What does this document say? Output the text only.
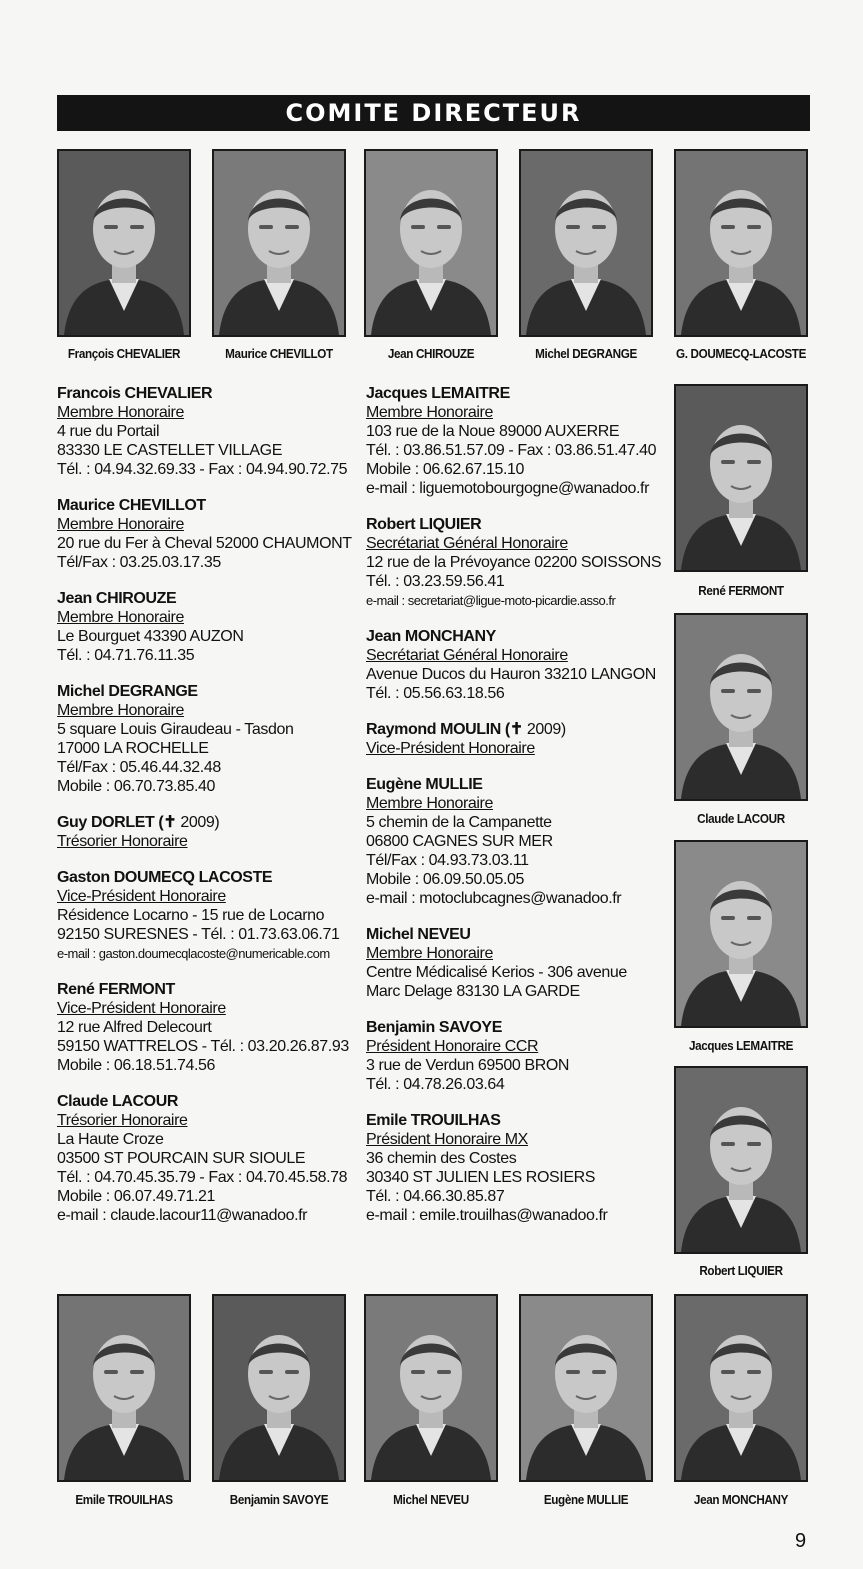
COMITE DIRECTEUR
François CHEVALIER	Maurice CHEVILLOT	Jean CHIROUZE	Michel DEGRANGE	G. DOUMECQ-LACOSTE
René FERMONT
Claude LACOUR
Jacques LEMAITRE
Robert LIQUIER
Emile TROUILHAS	Benjamin SAVOYE	Michel NEVEU	Eugène MULLIE	Jean MONCHANY
Francois CHEVALIER
Membre Honoraire
4 rue du Portail
83330 LE CASTELLET VILLAGE
Tél. : 04.94.32.69.33 - Fax : 04.94.90.72.75
Maurice CHEVILLOT
Membre Honoraire
20 rue du Fer à Cheval 52000 CHAUMONT
Tél/Fax : 03.25.03.17.35
Jean CHIROUZE
Membre Honoraire
Le Bourguet 43390 AUZON
Tél. : 04.71.76.11.35
Michel DEGRANGE
Membre Honoraire
5 square Louis Giraudeau - Tasdon
17000 LA ROCHELLE
Tél/Fax : 05.46.44.32.48
Mobile : 06.70.73.85.40
Guy DORLET (✝ 2009)
Trésorier Honoraire
Gaston DOUMECQ LACOSTE
Vice-Président Honoraire
Résidence Locarno - 15 rue de Locarno
92150 SURESNES - Tél. : 01.73.63.06.71
e-mail : gaston.doumecqlacoste@numericable.com
René FERMONT
Vice-Président Honoraire
12 rue Alfred Delecourt
59150 WATTRELOS - Tél. : 03.20.26.87.93
Mobile : 06.18.51.74.56
Claude LACOUR
Trésorier Honoraire
La Haute Croze
03500 ST POURCAIN SUR SIOULE
Tél. : 04.70.45.35.79 - Fax : 04.70.45.58.78
Mobile : 06.07.49.71.21
e-mail : claude.lacour11@wanadoo.fr
Jacques LEMAITRE
Membre Honoraire
103 rue de la Noue 89000 AUXERRE
Tél. : 03.86.51.57.09 - Fax : 03.86.51.47.40
Mobile : 06.62.67.15.10
e-mail : liguemotobourgogne@wanadoo.fr
Robert LIQUIER
Secrétariat Général Honoraire
12 rue de la Prévoyance 02200 SOISSONS
Tél. : 03.23.59.56.41
e-mail : secretariat@ligue-moto-picardie.asso.fr
Jean MONCHANY
Secrétariat Général Honoraire
Avenue Ducos du Hauron 33210 LANGON
Tél. : 05.56.63.18.56
Raymond MOULIN (✝ 2009)
Vice-Président Honoraire
Eugène MULLIE
Membre Honoraire
5 chemin de la Campanette
06800 CAGNES SUR MER
Tél/Fax : 04.93.73.03.11
Mobile : 06.09.50.05.05
e-mail : motoclubcagnes@wanadoo.fr
Michel NEVEU
Membre Honoraire
Centre Médicalisé Kerios - 306 avenue
Marc Delage 83130 LA GARDE
Benjamin SAVOYE
Président Honoraire CCR
3 rue de Verdun 69500 BRON
Tél. : 04.78.26.03.64
Emile TROUILHAS
Président Honoraire MX
36 chemin des Costes
30340 ST JULIEN LES ROSIERS
Tél. : 04.66.30.85.87
e-mail : emile.trouilhas@wanadoo.fr
9
